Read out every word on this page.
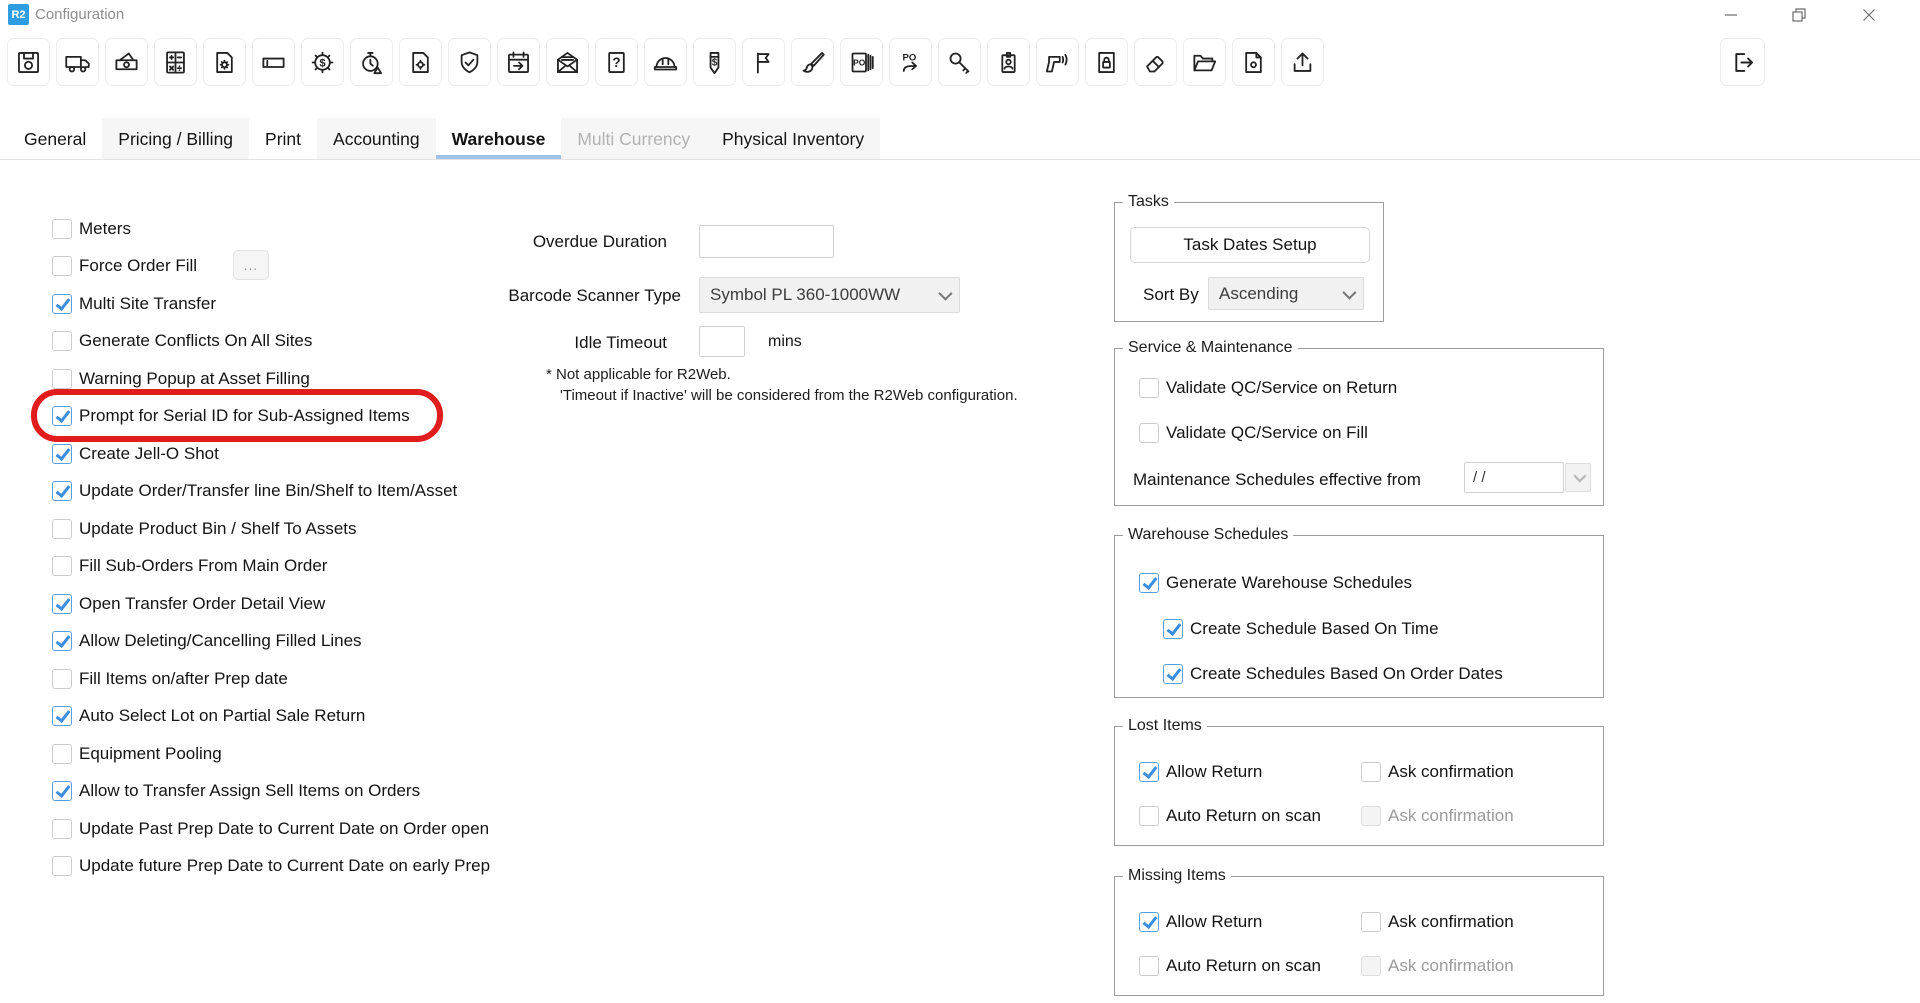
R2 Configuration
$	?	$	PO	PO
General	Pricing / Billing	Print	Accounting	Warehouse	Multi Currency	Physical Inventory
Meters
Force Order Fill
Multi Site Transfer
Generate Conflicts On All Sites
Warning Popup at Asset Filling
Prompt for Serial ID for Sub-Assigned Items
Create Jell-O Shot
Update Order/Transfer line Bin/Shelf to Item/Asset
Update Product Bin / Shelf To Assets
Fill Sub-Orders From Main Order
Open Transfer Order Detail View
Allow Deleting/Cancelling Filled Lines
Fill Items on/after Prep date
Auto Select Lot on Partial Sale Return
Equipment Pooling
Allow to Transfer Assign Sell Items on Orders
Update Past Prep Date to Current Date on Order open
Update future Prep Date to Current Date on early Prep
...
Overdue Duration
Barcode Scanner Type Symbol PL 360-1000WW
Idle Timeout	mins
* Not applicable for R2Web.
'Timeout if Inactive' will be considered from the R2Web configuration.
Tasks
Task Dates Setup
Sort By Ascending
Service & Maintenance
Validate QC/Service on Return
Validate QC/Service on Fill
Maintenance Schedules effective from
/ /
Warehouse Schedules
Generate Warehouse Schedules
Create Schedule Based On Time
Create Schedules Based On Order Dates
Lost Items
Allow Return	Ask confirmation
Auto Return on scan	Ask confirmation
Missing Items
Allow Return	Ask confirmation
Auto Return on scan	Ask confirmation
